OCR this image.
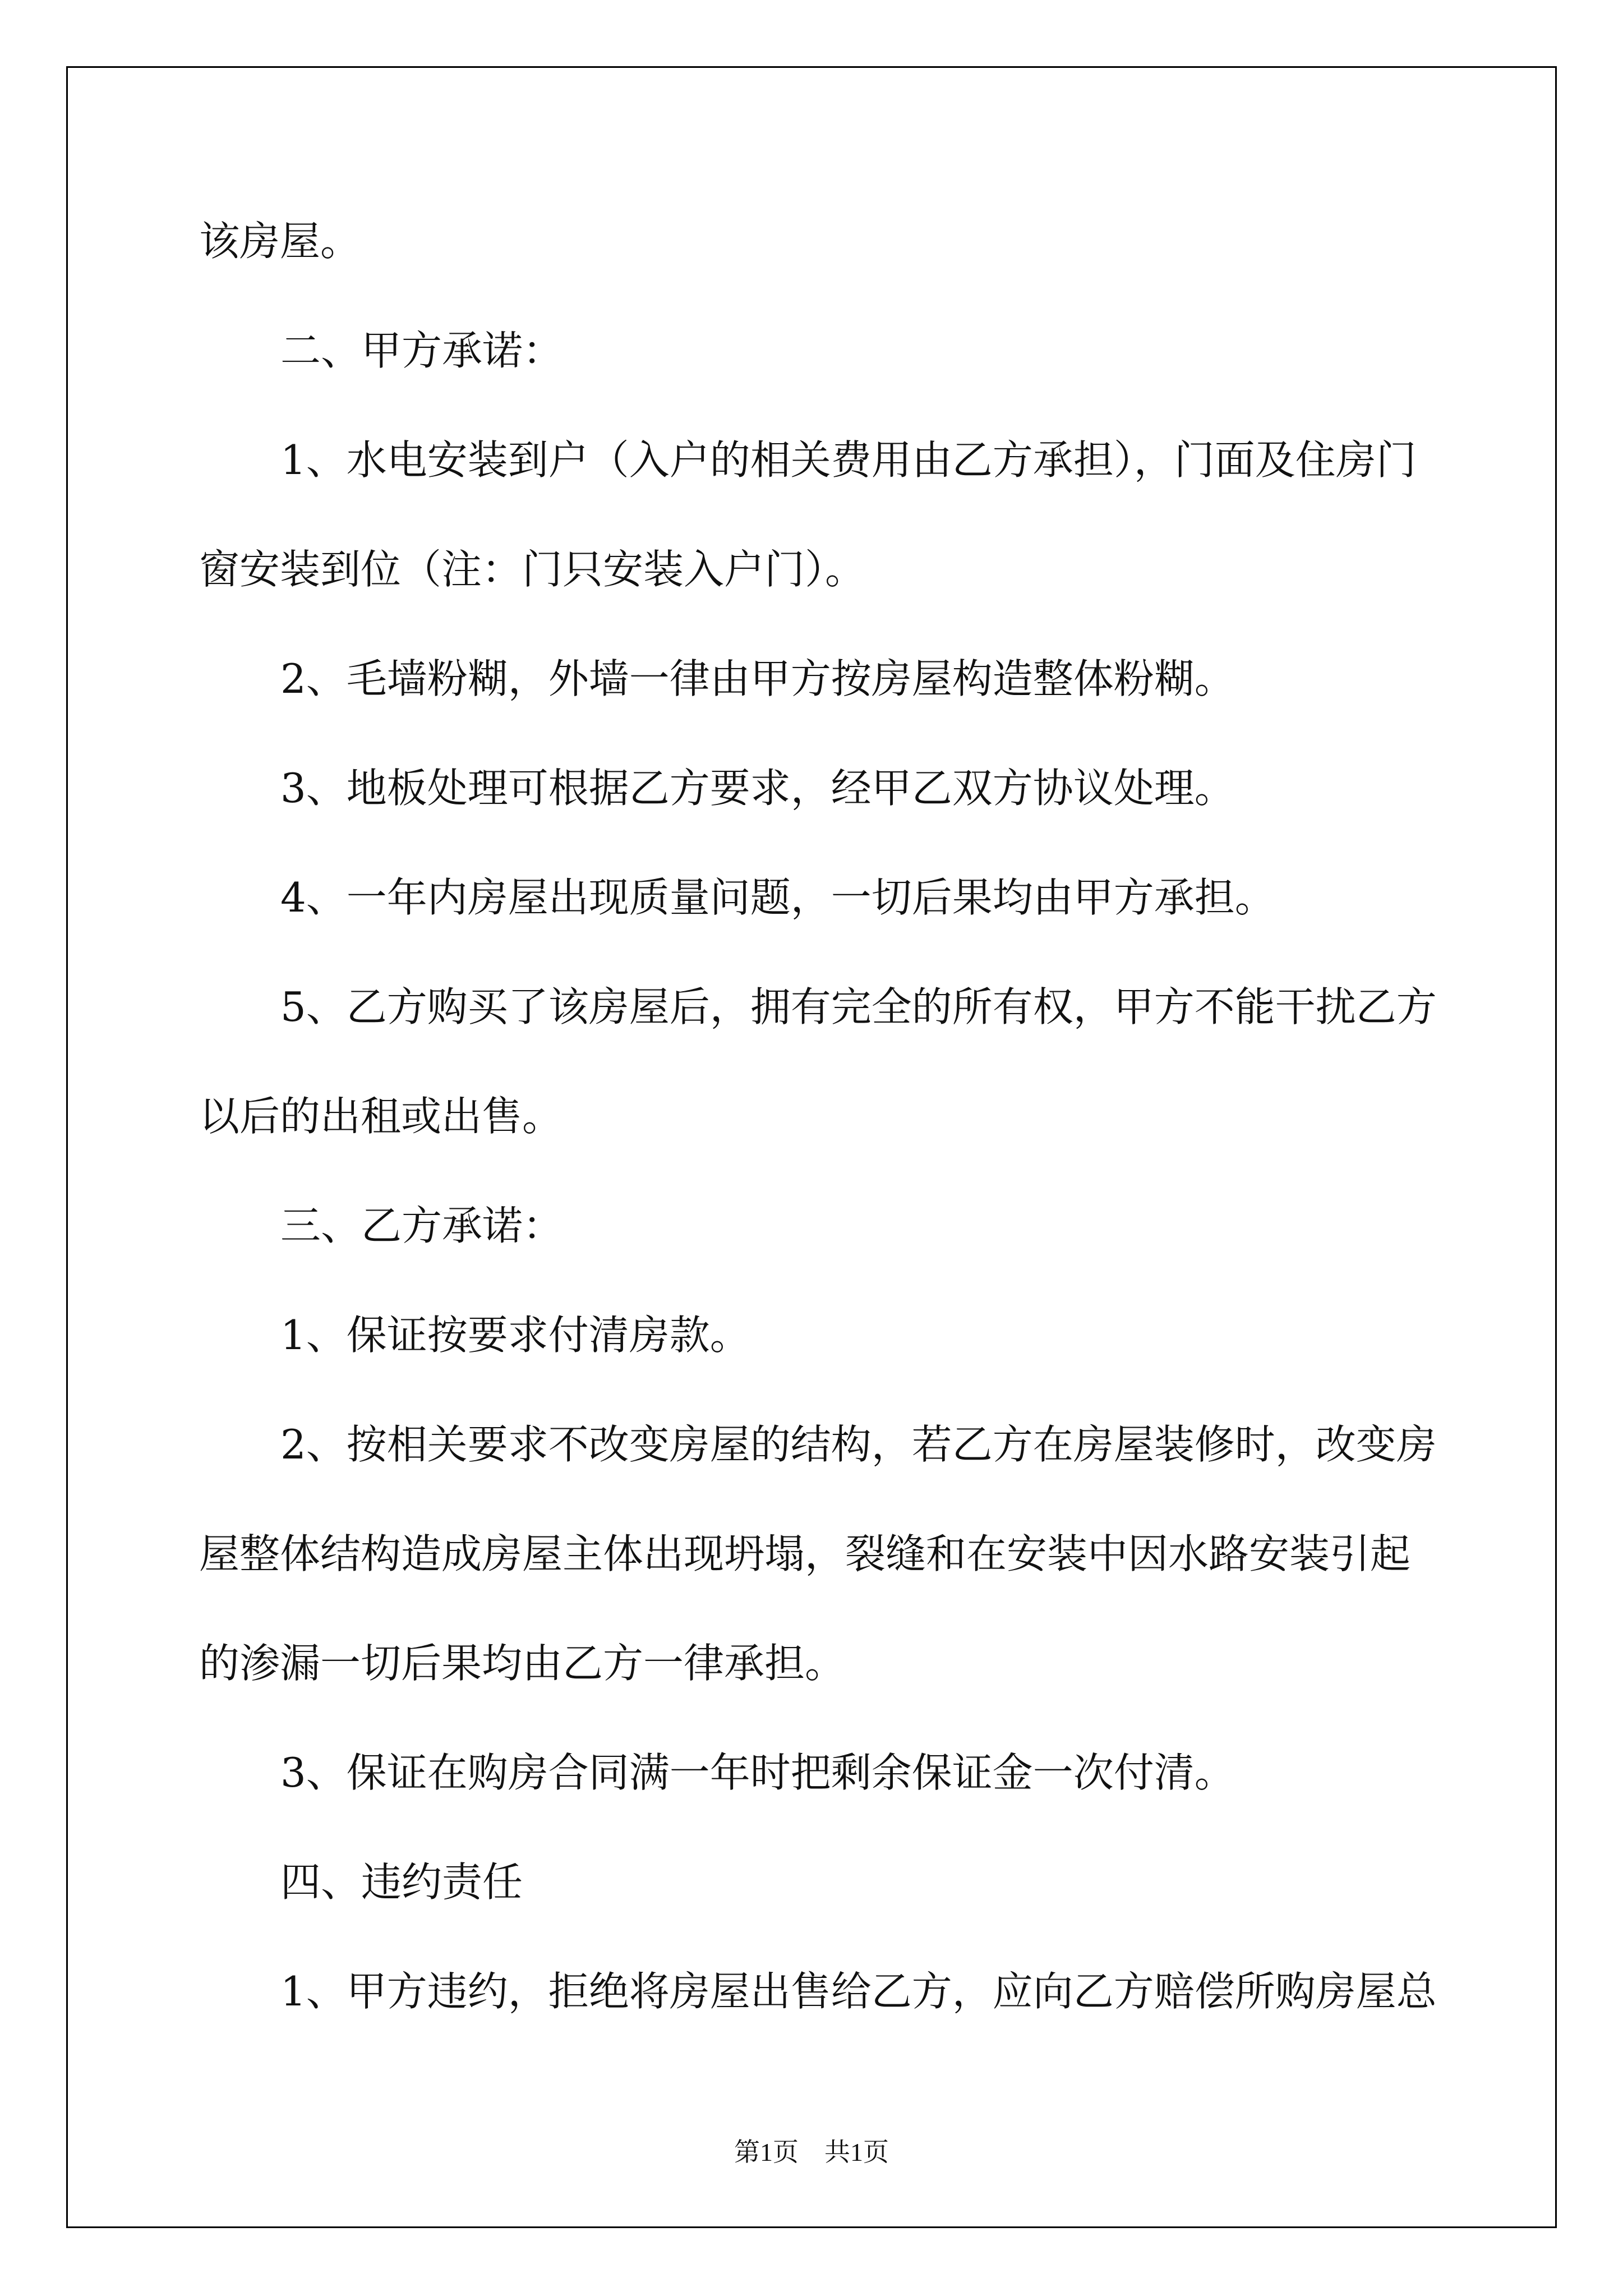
该房屋。

二、甲方承诺：

1、水电安装到户（入户的相关费用由乙方承担），门面及住房门

窗安装到位（注：门只安装入户门）。

2、毛墙粉糊，外墙一律由甲方按房屋构造整体粉糊。

3、地板处理可根据乙方要求，经甲乙双方协议处理。

4、一年内房屋出现质量问题，一切后果均由甲方承担。

5、乙方购买了该房屋后，拥有完全的所有权，甲方不能干扰乙方

以后的出租或出售。

三、乙方承诺：

1、保证按要求付清房款。

2、按相关要求不改变房屋的结构，若乙方在房屋装修时，改变房

屋整体结构造成房屋主体出现坍塌，裂缝和在安装中因水路安装引起

的渗漏一切后果均由乙方一律承担。

3、保证在购房合同满一年时把剩余保证金一次付清。

四、违约责任

1、甲方违约，拒绝将房屋出售给乙方，应向乙方赔偿所购房屋总

第1页 共1页
